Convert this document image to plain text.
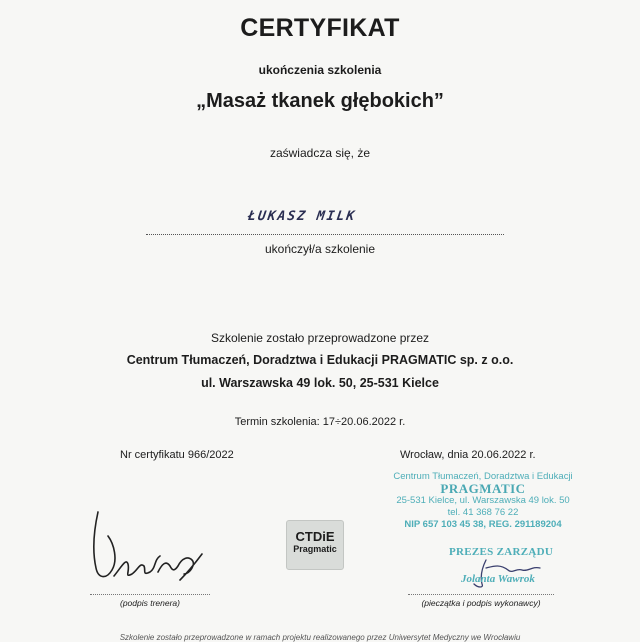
CERTYFIKAT
ukończenia szkolenia
„Masaż tkanek głębokich”
zaświadcza się, że
ŁUKASZ MILK
ukończył/a szkolenie
Szkolenie zostało przeprowadzone przez
Centrum Tłumaczeń, Doradztwa i Edukacji PRAGMATIC sp. z o.o.
ul. Warszawska 49 lok. 50, 25-531 Kielce
Termin szkolenia: 17÷20.06.2022 r.
Nr certyfikatu 966/2022	Wrocław, dnia 20.06.2022 r.
Centrum Tłumaczeń, Doradztwa i Edukacji
PRAGMATIC
25-531 Kielce, ul. Warszawska 49 lok. 50
tel. 41 368 76 22
NIP 657 103 45 38, REG. 291189204
CTDiE
Pragmatic	PREZES ZARZĄDU
Jolanta Wawrok
(podpis trenera)	(pieczątka i podpis wykonawcy)
Szkolenie zostało przeprowadzone w ramach projektu realizowanego przez Uniwersytet Medyczny we Wrocławiu
